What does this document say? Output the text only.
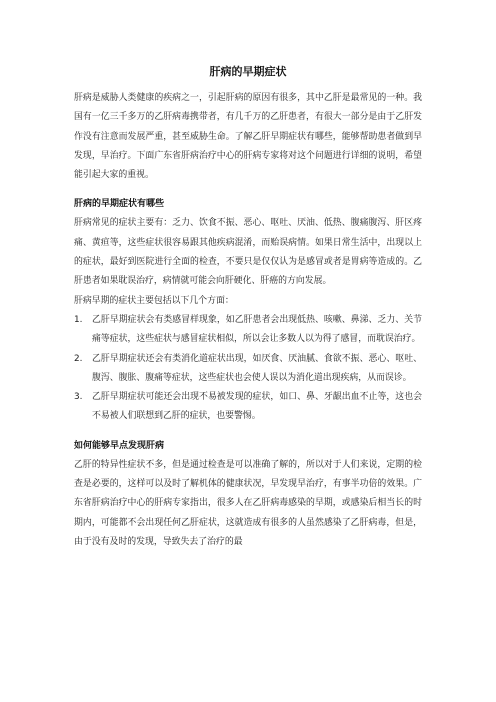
肝病的早期症状

肝病是威胁人类健康的疾病之一，引起肝病的原因有很多，其中乙肝是最常见的一种。我国有一亿三千多万的乙肝病毒携带者，有几千万的乙肝患者，有很大一部分是由于乙肝发作没有注意而发展严重，甚至威胁生命。了解乙肝早期症状有哪些，能够帮助患者做到早发现，早治疗。下面广东省肝病治疗中心的肝病专家将对这个问题进行详细的说明，希望能引起大家的重视。

肝病的早期症状有哪些

肝病常见的症状主要有：乏力、饮食不振、恶心、呕吐、厌油、低热、腹痛腹泻、肝区疼痛、黄疸等，这些症状很容易跟其他疾病混淆，而贻误病情。如果日常生活中，出现以上的症状，最好到医院进行全面的检查，不要只是仅仅认为是感冒或者是胃病等造成的。乙肝患者如果耽误治疗，病情就可能会向肝硬化、肝癌的方向发展。

肝病早期的症状主要包括以下几个方面：

1. 乙肝早期症状会有类感冒样现象，如乙肝患者会出现低热、咳嗽、鼻涕、乏力、关节痛等症状，这些症状与感冒症状相似，所以会让多数人以为得了感冒，而耽误治疗。
2. 乙肝早期症状还会有类消化道症状出现，如厌食、厌油腻、食欲不振、恶心、呕吐、腹泻、腹胀、腹痛等症状，这些症状也会使人误以为消化道出现疾病，从而误诊。
3. 乙肝早期症状可能还会出现不易被发现的症状，如口、鼻、牙龈出血不止等，这也会不易被人们联想到乙肝的症状，也要警惕。
如何能够早点发现肝病

乙肝的特异性症状不多，但是通过检查是可以准确了解的，所以对于人们来说，定期的检查是必要的，这样可以及时了解机体的健康状况，早发现早治疗，有事半功倍的效果。广东省肝病治疗中心的肝病专家指出，很多人在乙肝病毒感染的早期，或感染后相当长的时期内，可能都不会出现任何乙肝症状，这就造成有很多的人虽然感染了乙肝病毒，但是，由于没有及时的发现，导致失去了治疗的最
